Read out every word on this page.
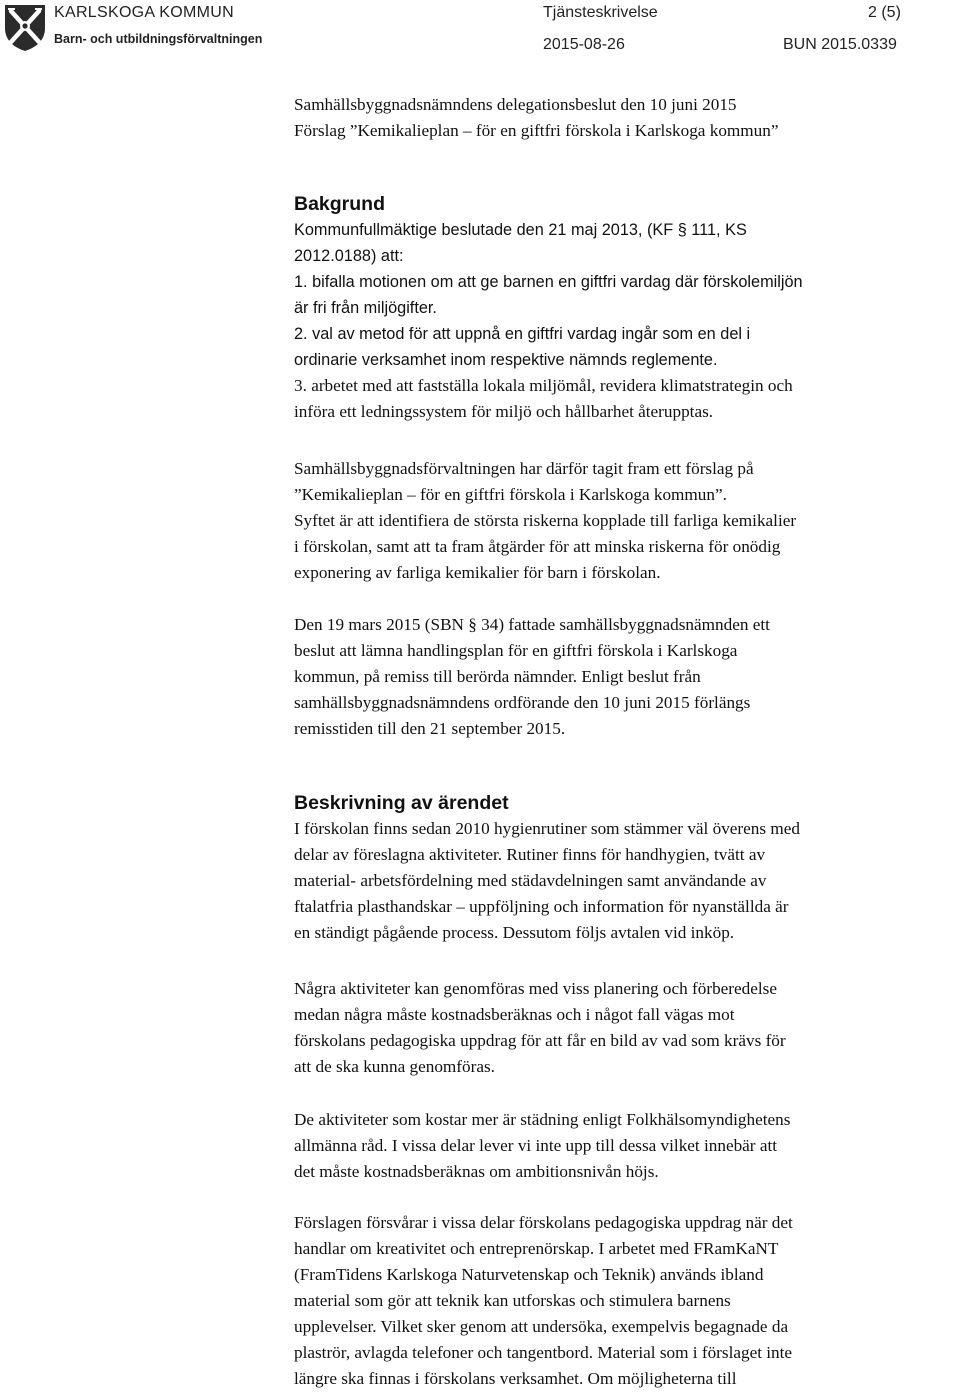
KARLSKOGA KOMMUN
Barn- och utbildningsförvaltningen
Tjänsteskrivelse	2 (5)
2015-08-26	BUN 2015.0339

Samhällsbyggnadsnämndens delegationsbeslut den 10 juni 2015

Förslag ”Kemikalieplan – för en giftfri förskola i Karlskoga kommun”

Bakgrund

Kommunfullmäktige beslutade den 21 maj 2013, (KF § 111, KS

2012.0188) att:

1. bifalla motionen om att ge barnen en giftfri vardag där förskolemiljön

är fri från miljögifter.

2. val av metod för att uppnå en giftfri vardag ingår som en del i

ordinarie verksamhet inom respektive nämnds reglemente.

3. arbetet med att fastställa lokala miljömål, revidera klimatstrategin och

införa ett ledningssystem för miljö och hållbarhet återupptas.

Samhällsbyggnadsförvaltningen har därför tagit fram ett förslag på

”Kemikalieplan – för en giftfri förskola i Karlskoga kommun”.

Syftet är att identifiera de största riskerna kopplade till farliga kemikalier

i förskolan, samt att ta fram åtgärder för att minska riskerna för onödig

exponering av farliga kemikalier för barn i förskolan.

Den 19 mars 2015 (SBN § 34) fattade samhällsbyggnadsnämnden ett

beslut att lämna handlingsplan för en giftfri förskola i Karlskoga

kommun, på remiss till berörda nämnder. Enligt beslut från

samhällsbyggnadsnämndens ordförande den 10 juni 2015 förlängs

remisstiden till den 21 september 2015.

Beskrivning av ärendet

I förskolan finns sedan 2010 hygienrutiner som stämmer väl överens med

delar av föreslagna aktiviteter. Rutiner finns för handhygien, tvätt av

material- arbetsfördelning med städavdelningen samt användande av

ftalatfria plasthandskar – uppföljning och information för nyanställda är

en ständigt pågående process. Dessutom följs avtalen vid inköp.

Några aktiviteter kan genomföras med viss planering och förberedelse

medan några måste kostnadsberäknas och i något fall vägas mot

förskolans pedagogiska uppdrag för att får en bild av vad som krävs för

att de ska kunna genomföras.

De aktiviteter som kostar mer är städning enligt Folkhälsomyndighetens

allmänna råd. I vissa delar lever vi inte upp till dessa vilket innebär att

det måste kostnadsberäknas om ambitionsnivån höjs.

Förslagen försvårar i vissa delar förskolans pedagogiska uppdrag när det

handlar om kreativitet och entreprenörskap. I arbetet med FRamKaNT

(FramTidens Karlskoga Naturvetenskap och Teknik) används ibland

material som gör att teknik kan utforskas och stimulera barnens

upplevelser. Vilket sker genom att undersöka, exempelvis begagnade da

plaströr, avlagda telefoner och tangentbord. Material som i förslaget inte

längre ska finnas i förskolans verksamhet. Om möjligheterna till
